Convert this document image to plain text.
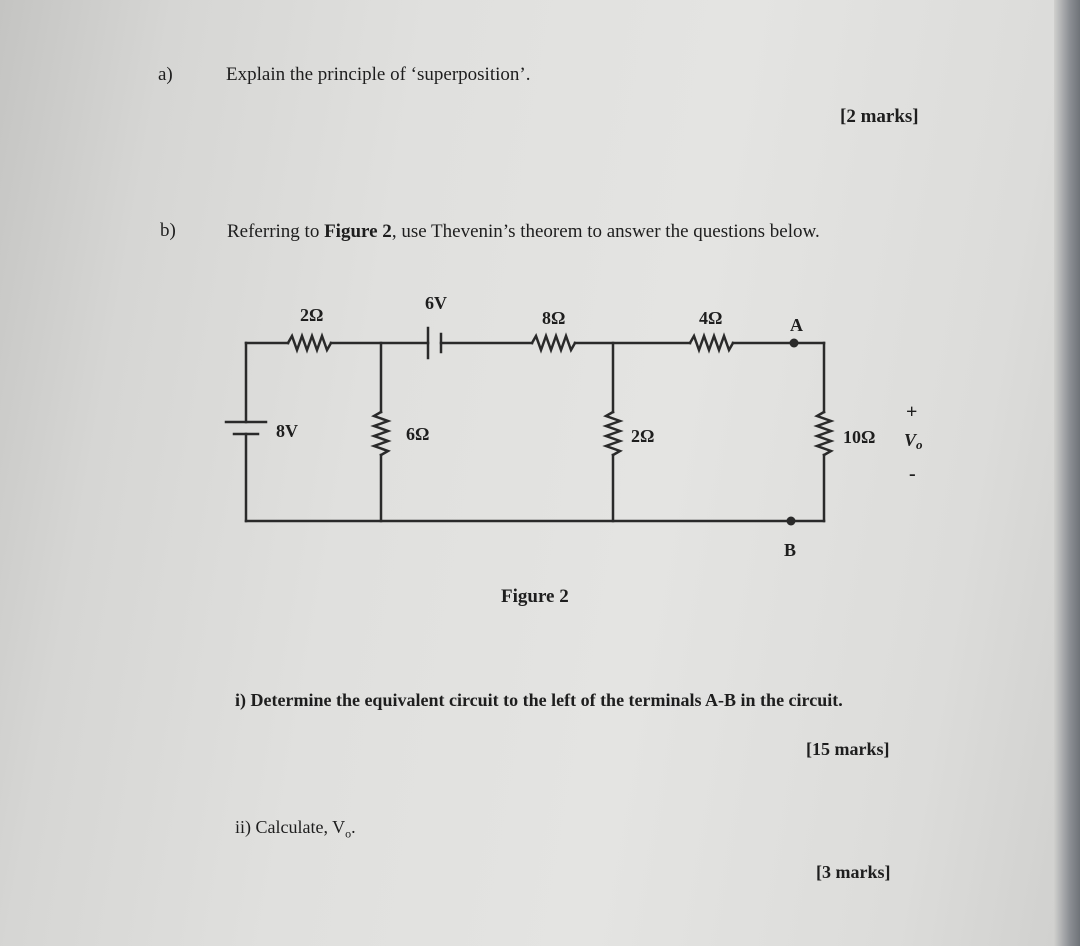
a)	Explain the principle of ‘superposition’.
[2 marks]
b)	Referring to Figure 2, use Thevenin’s theorem to answer the questions below.
2Ω
6V
8Ω	4Ω	A
8V	6Ω	2Ω	10Ω Vo
+
-
B
Figure 2
i) Determine the equivalent circuit to the left of the terminals A-B in the circuit.
[15 marks]
ii) Calculate, $V_o$.
[3 marks]
